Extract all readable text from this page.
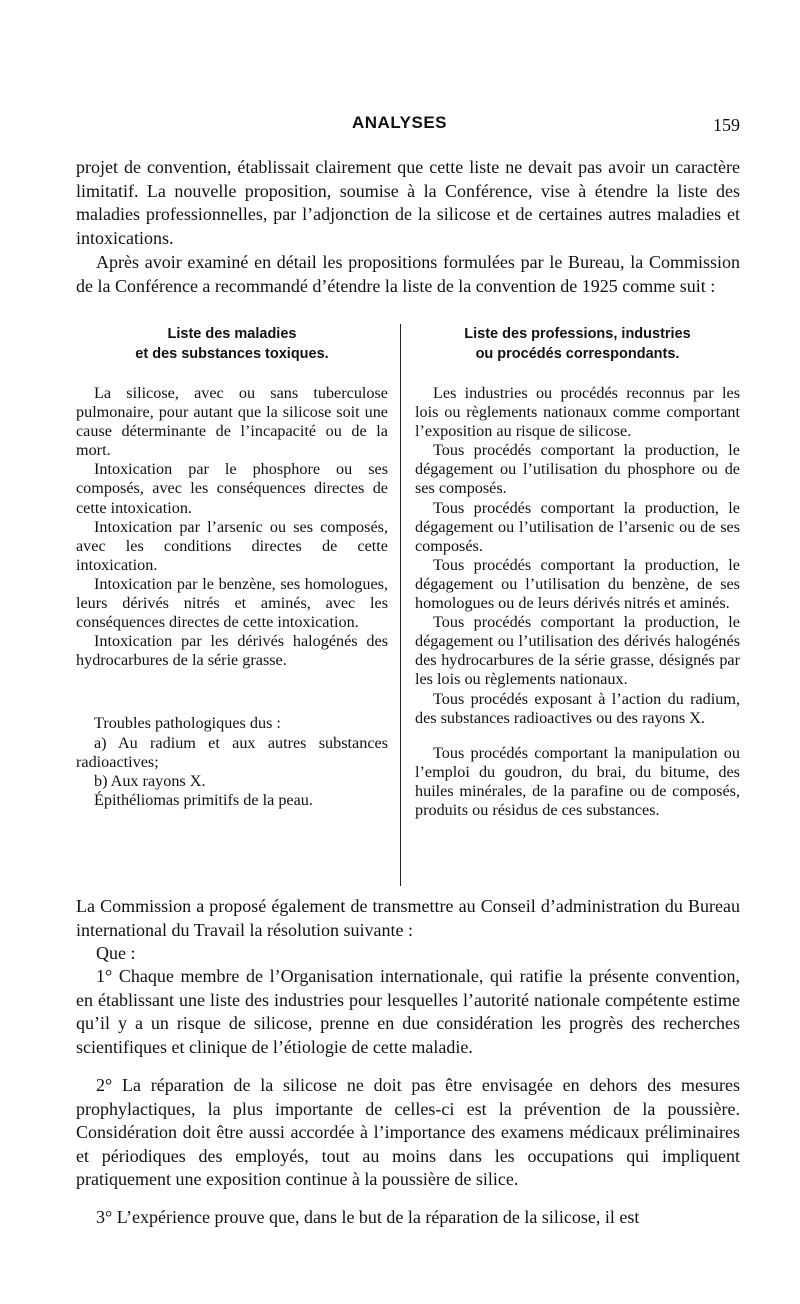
ANALYSES	159

projet de convention, établissait clairement que cette liste ne devait pas avoir un caractère limitatif. La nouvelle proposition, soumise à la Conférence, vise à étendre la liste des maladies professionnelles, par l’adjonction de la silicose et de certaines autres maladies et intoxications.

Après avoir examiné en détail les propositions formulées par le Bureau, la Commission de la Conférence a recommandé d’étendre la liste de la convention de 1925 comme suit :

Liste des maladies
et des substances toxiques.

La silicose, avec ou sans tuberculose pulmonaire, pour autant que la silicose soit une cause déterminante de l’incapacité ou de la mort.

Intoxication par le phosphore ou ses composés, avec les conséquences directes de cette intoxication.

Intoxication par l’arsenic ou ses composés, avec les conditions directes de cette intoxication.

Intoxication par le benzène, ses homologues, leurs dérivés nitrés et aminés, avec les conséquences directes de cette intoxication.

Intoxication par les dérivés halogénés des hydrocarbures de la série grasse.

Troubles pathologiques dus :

a) Au radium et aux autres substances radioactives;

b) Aux rayons X.

Épithéliomas primitifs de la peau.

Liste des professions, industries
ou procédés correspondants.

Les industries ou procédés reconnus par les lois ou règlements nationaux comme comportant l’exposition au risque de silicose.

Tous procédés comportant la production, le dégagement ou l’utilisation du phosphore ou de ses composés.

Tous procédés comportant la production, le dégagement ou l’utilisation de l’arsenic ou de ses composés.

Tous procédés comportant la production, le dégagement ou l’utilisation du benzène, de ses homologues ou de leurs dérivés nitrés et aminés.

Tous procédés comportant la production, le dégagement ou l’utilisation des dérivés halogénés des hydrocarbures de la série grasse, désignés par les lois ou règlements nationaux.

Tous procédés exposant à l’action du radium, des substances radioactives ou des rayons X.

Tous procédés comportant la manipulation ou l’emploi du goudron, du brai, du bitume, des huiles minérales, de la parafine ou de composés, produits ou résidus de ces substances.

La Commission a proposé également de transmettre au Conseil d’administration du Bureau international du Travail la résolution suivante :

Que :

1° Chaque membre de l’Organisation internationale, qui ratifie la présente convention, en établissant une liste des industries pour lesquelles l’autorité nationale compétente estime qu’il y a un risque de silicose, prenne en due considération les progrès des recherches scientifiques et clinique de l’étiologie de cette maladie.

2° La réparation de la silicose ne doit pas être envisagée en dehors des mesures prophylactiques, la plus importante de celles-ci est la prévention de la poussière. Considération doit être aussi accordée à l’importance des examens médicaux préliminaires et périodiques des employés, tout au moins dans les occupations qui impliquent pratiquement une exposition continue à la poussière de silice.

3° L’expérience prouve que, dans le but de la réparation de la silicose, il est
